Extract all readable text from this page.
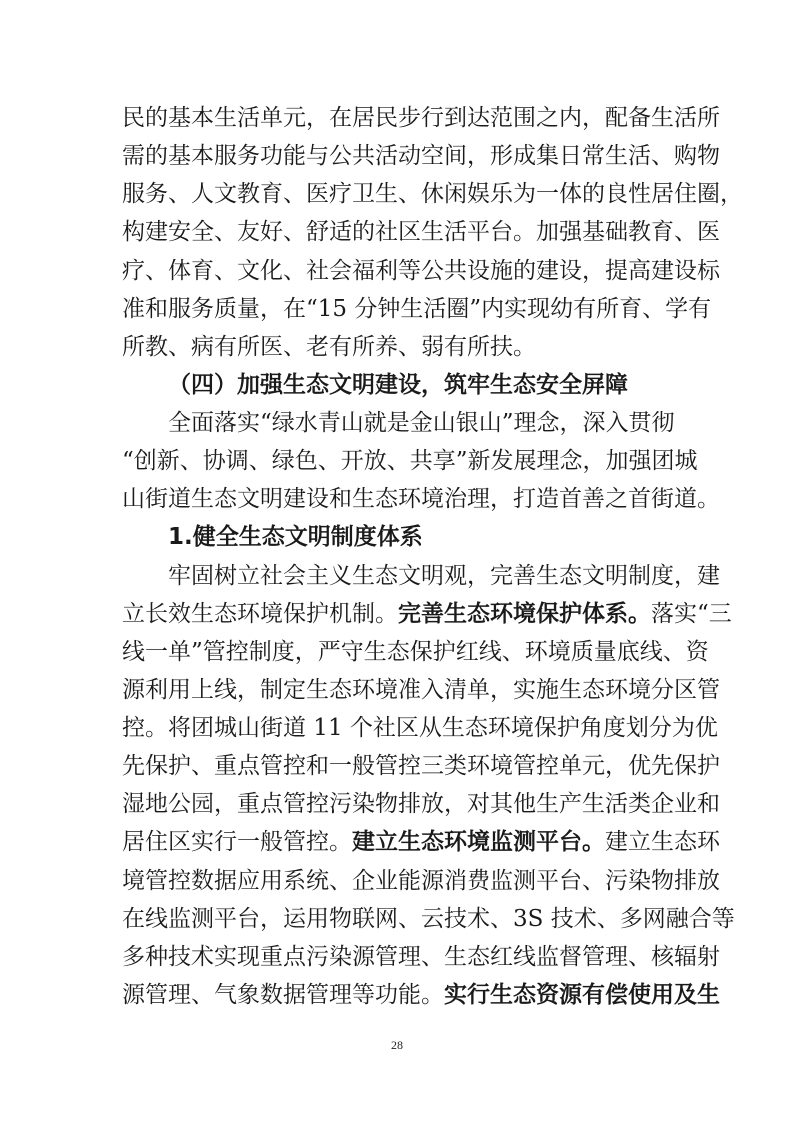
民的基本生活单元，在居民步行到达范围之内，配备生活所
需的基本服务功能与公共活动空间，形成集日常生活、购物
服务、人文教育、医疗卫生、休闲娱乐为一体的良性居住圈，
构建安全、友好、舒适的社区生活平台。加强基础教育、医
疗、体育、文化、社会福利等公共设施的建设，提高建设标
准和服务质量，在“15 分钟生活圈”内实现幼有所育、学有
所教、病有所医、老有所养、弱有所扶。
（四）加强生态文明建设，筑牢生态安全屏障
全面落实“绿水青山就是金山银山”理念，深入贯彻
“创新、协调、绿色、开放、共享”新发展理念，加强团城
山街道生态文明建设和生态环境治理，打造首善之首街道。
1.健全生态文明制度体系
牢固树立社会主义生态文明观，完善生态文明制度，建
立长效生态环境保护机制。完善生态环境保护体系。落实“三
线一单”管控制度，严守生态保护红线、环境质量底线、资
源利用上线，制定生态环境准入清单，实施生态环境分区管
控。将团城山街道 11 个社区从生态环境保护角度划分为优
先保护、重点管控和一般管控三类环境管控单元，优先保护
湿地公园，重点管控污染物排放，对其他生产生活类企业和
居住区实行一般管控。建立生态环境监测平台。建立生态环
境管控数据应用系统、企业能源消费监测平台、污染物排放
在线监测平台，运用物联网、云技术、3S 技术、多网融合等
多种技术实现重点污染源管理、生态红线监督管理、核辐射
28
源管理、气象数据管理等功能。实行生态资源有偿使用及生
